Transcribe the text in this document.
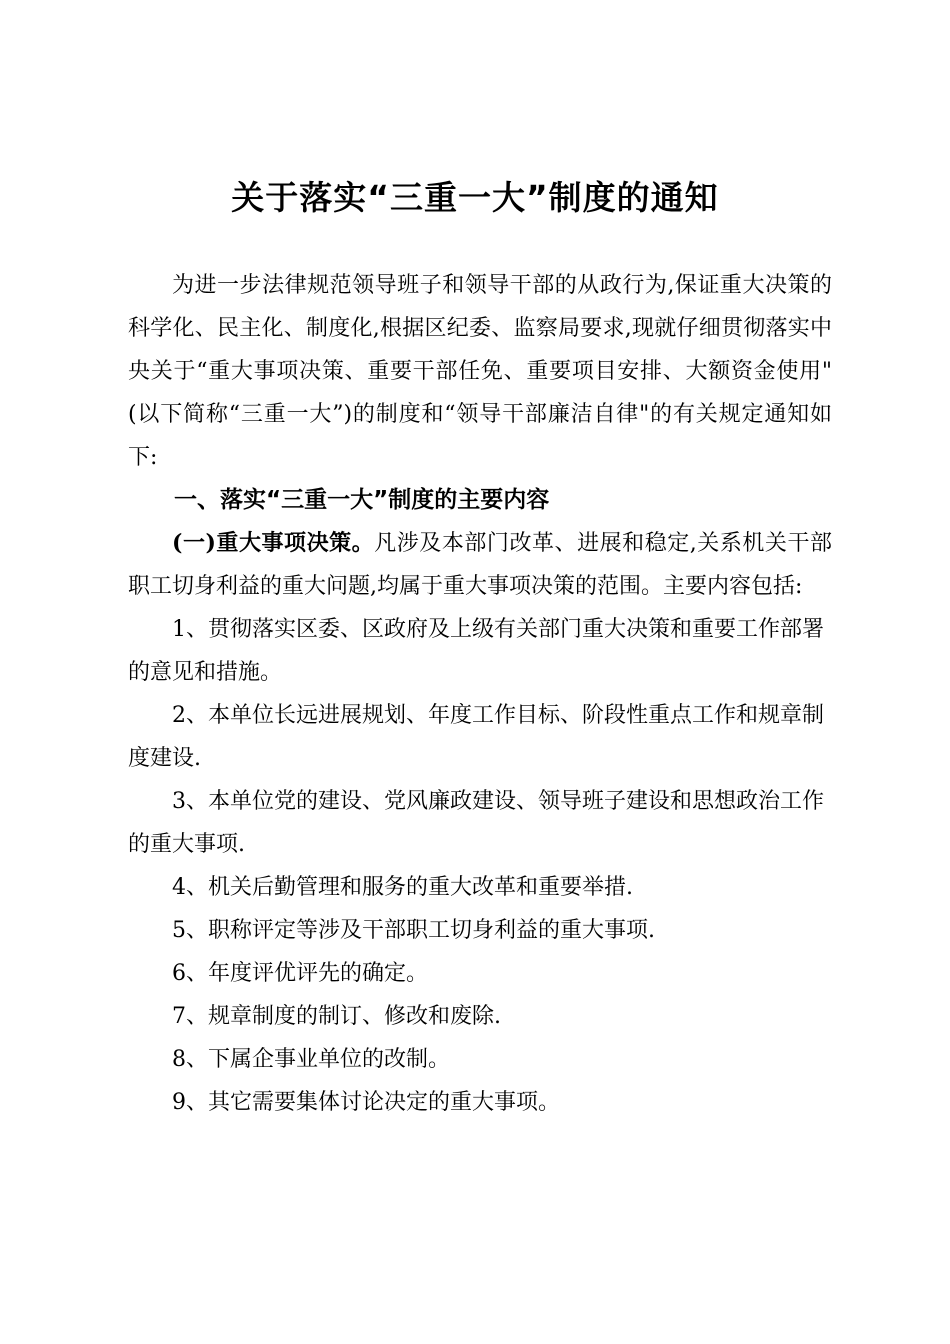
关于落实“三重一大”制度的通知

为进一步法律规范领导班子和领导干部的从政行为,保证重大决策的科学化、民主化、制度化,根据区纪委、监察局要求,现就仔细贯彻落实中央关于“重大事项决策、重要干部任免、重要项目安排、大额资金使用"(以下简称“三重一大”)的制度和“领导干部廉洁自律"的有关规定通知如下:

一、落实“三重一大”制度的主要内容

(一)重大事项决策。凡涉及本部门改革、进展和稳定,关系机关干部职工切身利益的重大问题,均属于重大事项决策的范围。主要内容包括:

1、贯彻落实区委、区政府及上级有关部门重大决策和重要工作部署的意见和措施。

2、本单位长远进展规划、年度工作目标、阶段性重点工作和规章制度建设.

3、本单位党的建设、党风廉政建设、领导班子建设和思想政治工作的重大事项.

4、机关后勤管理和服务的重大改革和重要举措.

5、职称评定等涉及干部职工切身利益的重大事项.

6、年度评优评先的确定。

7、规章制度的制订、修改和废除.

8、下属企事业单位的改制。

9、其它需要集体讨论决定的重大事项。
